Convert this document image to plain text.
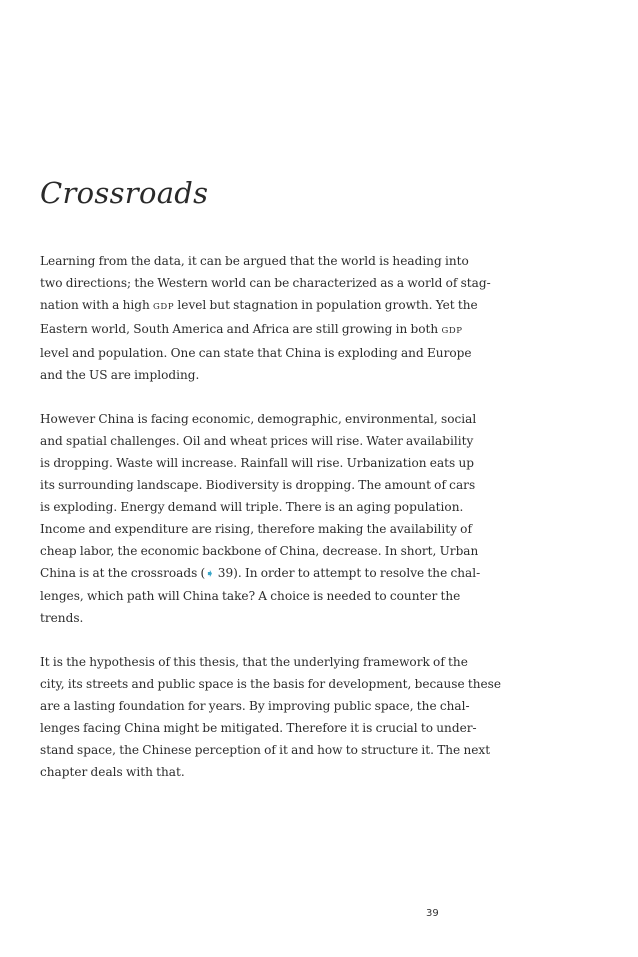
Crossroads

Learning from the data, it can be argued that the world is heading into
two directions; the Western world can be characterized as a world of stag-
nation with a high GDP level but stagnation in population growth. Yet the
Eastern world, South America and Africa are still growing in both GDP
level and population. One can state that China is exploding and Europe
and the US are imploding.

However China is facing economic, demographic, environmental, social
and spatial challenges. Oil and wheat prices will rise. Water availability
is dropping. Waste will increase. Rainfall will rise. Urbanization eats up
its surrounding landscape. Biodiversity is dropping. The amount of cars
is exploding. Energy demand will triple. There is an aging population.
Income and expenditure are rising, therefore making the availability of
cheap labor, the economic backbone of China, decrease. In short, Urban
China is at the crossroads (➧ 39). In order to attempt to resolve the chal-
lenges, which path will China take? A choice is needed to counter the
trends.

It is the hypothesis of this thesis, that the underlying framework of the
city, its streets and public space is the basis for development, because these
are a lasting foundation for years. By improving public space, the chal-
lenges facing China might be mitigated. Therefore it is crucial to under-
stand space, the Chinese perception of it and how to structure it. The next
chapter deals with that.

39
